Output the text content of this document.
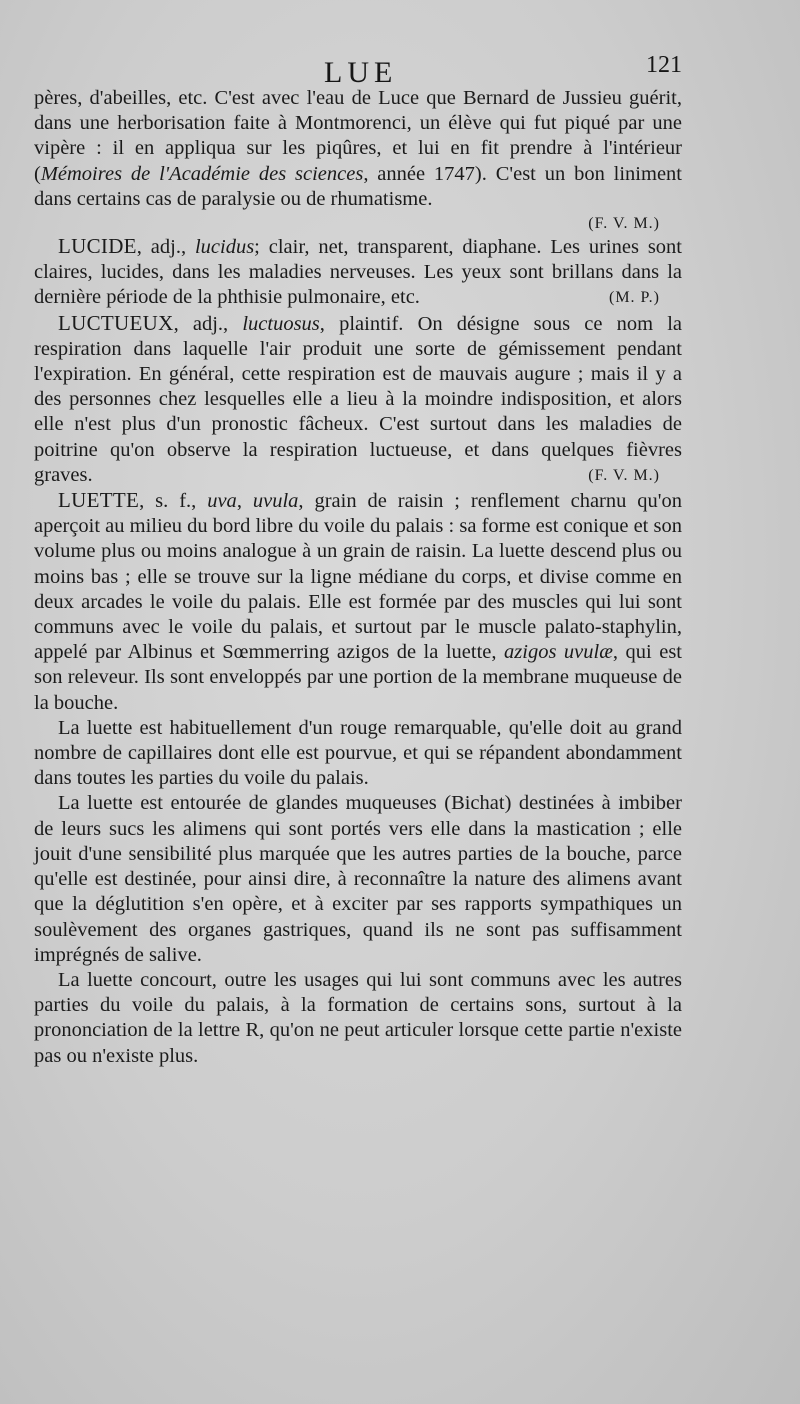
LUE	121

pères, d'abeilles, etc. C'est avec l'eau de Luce que Bernard de Jussieu guérit, dans une herborisation faite à Montmorenci, un élève qui fut piqué par une vipère : il en appliqua sur les piqûres, et lui en fit prendre à l'intérieur (Mémoires de l'Académie des sciences, année 1747). C'est un bon liniment dans certains cas de paralysie ou de rhumatisme.

(F. V. M.)

LUCIDE, adj., lucidus; clair, net, transparent, diaphane. Les urines sont claires, lucides, dans les maladies nerveuses. Les yeux sont brillans dans la dernière période de la phthisie pulmonaire, etc.	(M. P.)

LUCTUEUX, adj., luctuosus, plaintif. On désigne sous ce nom la respiration dans laquelle l'air produit une sorte de gémissement pendant l'expiration. En général, cette respiration est de mauvais augure ; mais il y a des personnes chez lesquelles elle a lieu à la moindre indisposition, et alors elle n'est plus d'un pronostic fâcheux. C'est surtout dans les maladies de poitrine qu'on observe la respiration luctueuse, et dans quelques fièvres graves.	(F. V. M.)

LUETTE, s. f., uva, uvula, grain de raisin ; renflement charnu qu'on aperçoit au milieu du bord libre du voile du palais : sa forme est conique et son volume plus ou moins analogue à un grain de raisin. La luette descend plus ou moins bas ; elle se trouve sur la ligne médiane du corps, et divise comme en deux arcades le voile du palais. Elle est formée par des muscles qui lui sont communs avec le voile du palais, et surtout par le muscle palato-staphylin, appelé par Albinus et Sœmmerring azigos de la luette, azigos uvulæ, qui est son releveur. Ils sont enveloppés par une portion de la membrane muqueuse de la bouche.

La luette est habituellement d'un rouge remarquable, qu'elle doit au grand nombre de capillaires dont elle est pourvue, et qui se répandent abondamment dans toutes les parties du voile du palais.

La luette est entourée de glandes muqueuses (Bichat) destinées à imbiber de leurs sucs les alimens qui sont portés vers elle dans la mastication ; elle jouit d'une sensibilité plus marquée que les autres parties de la bouche, parce qu'elle est destinée, pour ainsi dire, à reconnaître la nature des alimens avant que la déglutition s'en opère, et à exciter par ses rapports sympathiques un soulèvement des organes gastriques, quand ils ne sont pas suffisamment imprégnés de salive.

La luette concourt, outre les usages qui lui sont communs avec les autres parties du voile du palais, à la formation de certains sons, surtout à la prononciation de la lettre R, qu'on ne peut articuler lorsque cette partie n'existe pas ou n'existe plus.
